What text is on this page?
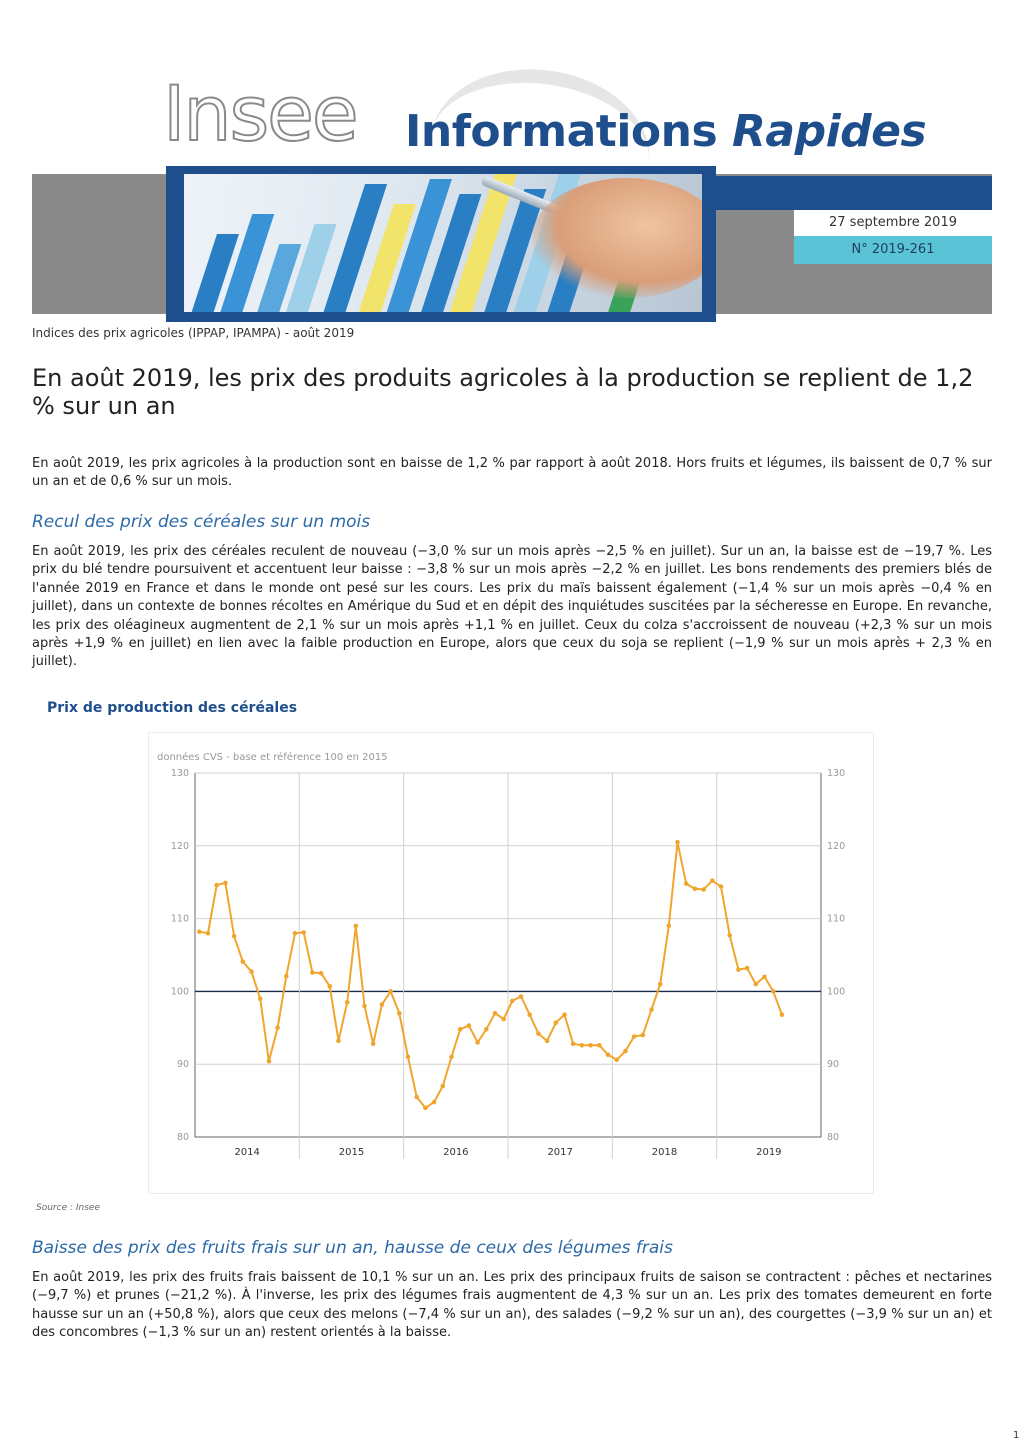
Insee Informations Rapides
27 septembre 2019
N° 2019-261
Indices des prix agricoles (IPPAP, IPAMPA) - août 2019
En août 2019, les prix des produits agricoles à la production se replient de 1,2 % sur un an

En août 2019, les prix agricoles à la production sont en baisse de 1,2 % par rapport à août 2018. Hors fruits et légumes, ils baissent de 0,7 % sur un an et de 0,6 % sur un mois.

Recul des prix des céréales sur un mois

En août 2019, les prix des céréales reculent de nouveau (−3,0 % sur un mois après −2,5 % en juillet). Sur un an, la baisse est de −19,7 %. Les prix du blé tendre poursuivent et accentuent leur baisse : −3,8 % sur un mois après −2,2 % en juillet. Les bons rendements des premiers blés de l'année 2019 en France et dans le monde ont pesé sur les cours. Les prix du maïs baissent également (−1,4 % sur un mois après −0,4 % en juillet), dans un contexte de bonnes récoltes en Amérique du Sud et en dépit des inquiétudes suscitées par la sécheresse en Europe. En revanche, les prix des oléagineux augmentent de 2,1 % sur un mois après +1,1 % en juillet. Ceux du colza s'accroissent de nouveau (+2,3 % sur un mois après +1,9 % en juillet) en lien avec la faible production en Europe, alors que ceux du soja se replient (−1,9 % sur un mois après + 2,3 % en juillet).

Prix de production des céréales
données CVS - base et référence 100 en 2015
80	80
90	90
100	100
110	110
120	120
130	130
2014	2015	2016	2017	2018	2019
Source : Insee
Baisse des prix des fruits frais sur un an, hausse de ceux des légumes frais

En août 2019, les prix des fruits frais baissent de 10,1 % sur un an. Les prix des principaux fruits de saison se contractent : pêches et nectarines (−9,7 %) et prunes (−21,2 %). À l'inverse, les prix des légumes frais augmentent de 4,3 % sur un an. Les prix des tomates demeurent en forte hausse sur un an (+50,8 %), alors que ceux des melons (−7,4 % sur un an), des salades (−9,2 % sur un an), des courgettes (−3,9 % sur un an) et des concombres (−1,3 % sur un an) restent orientés à la baisse.

1
